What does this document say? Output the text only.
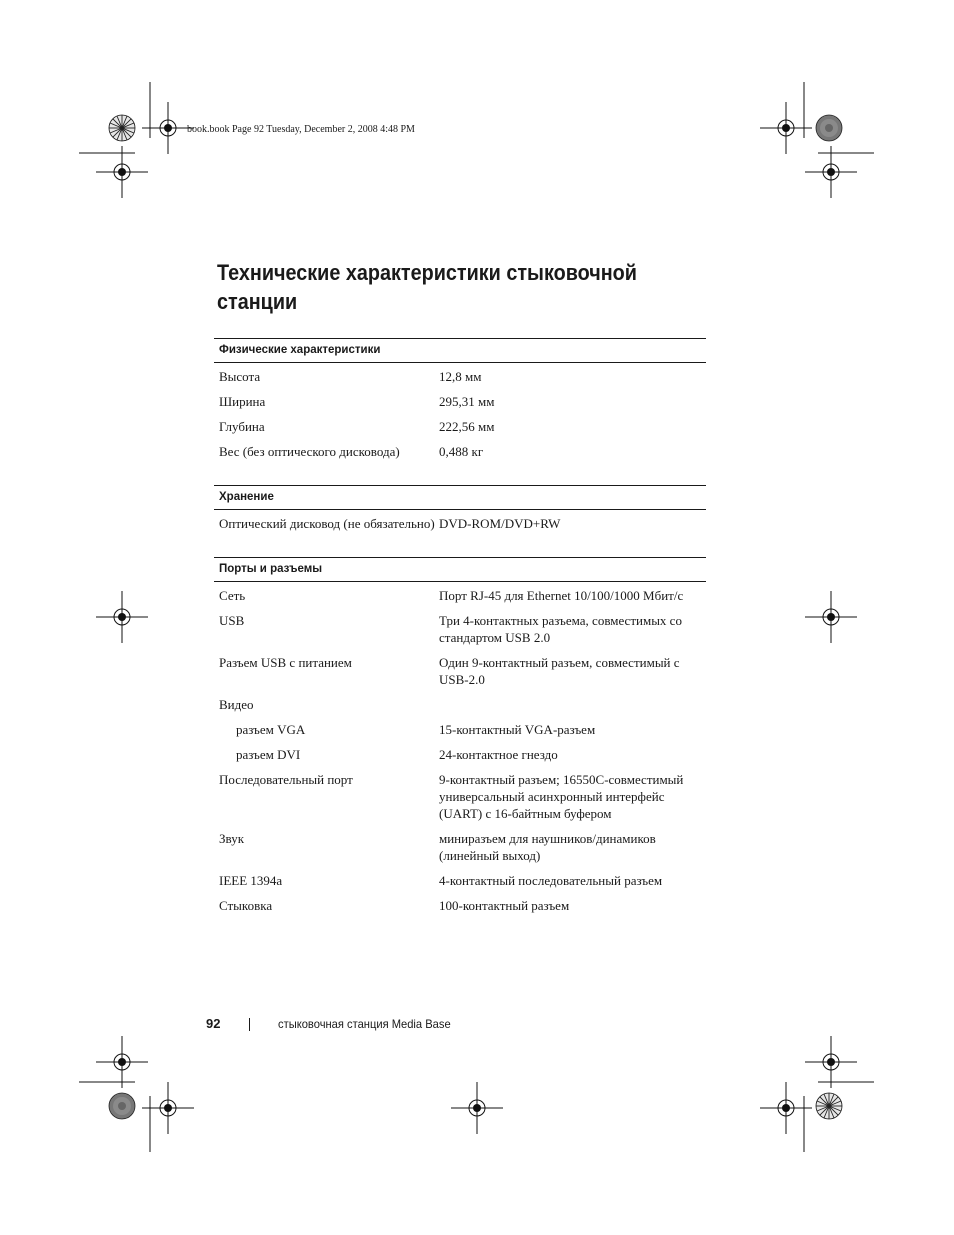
book.book Page 92 Tuesday, December 2, 2008 4:48 PM
Технические характеристики стыковочной станции
Физические характеристики
Высота	12,8 мм
Ширина	295,31 мм
Глубина	222,56 мм
Вес (без оптического дисковода)	0,488 кг
Хранение
Оптический дисковод (не обязательно) DVD-ROM/DVD+RW
Порты и разъемы
Сеть	Порт RJ-45 для Ethernet 10/100/1000 Мбит/с
USB	Три 4-контактных разъема, совместимых со стандартом USB 2.0
Разъем USB с питанием	Один 9-контактный разъем, совместимый с USB-2.0
Видео
разъем VGA	15-контактный VGA-разъем
разъем DVI	24-контактное гнездо
Последовательный порт	9-контактный разъем; 16550C-совместимый универсальный асинхронный интерфейс (UART) с 16-байтным буфером
Звук	миниразъем для наушников/динамиков (линейный выход)
IEEE 1394a	4-контактный последовательный разъем
Стыковка	100-контактный разъем
92	стыковочная станция Media Base
